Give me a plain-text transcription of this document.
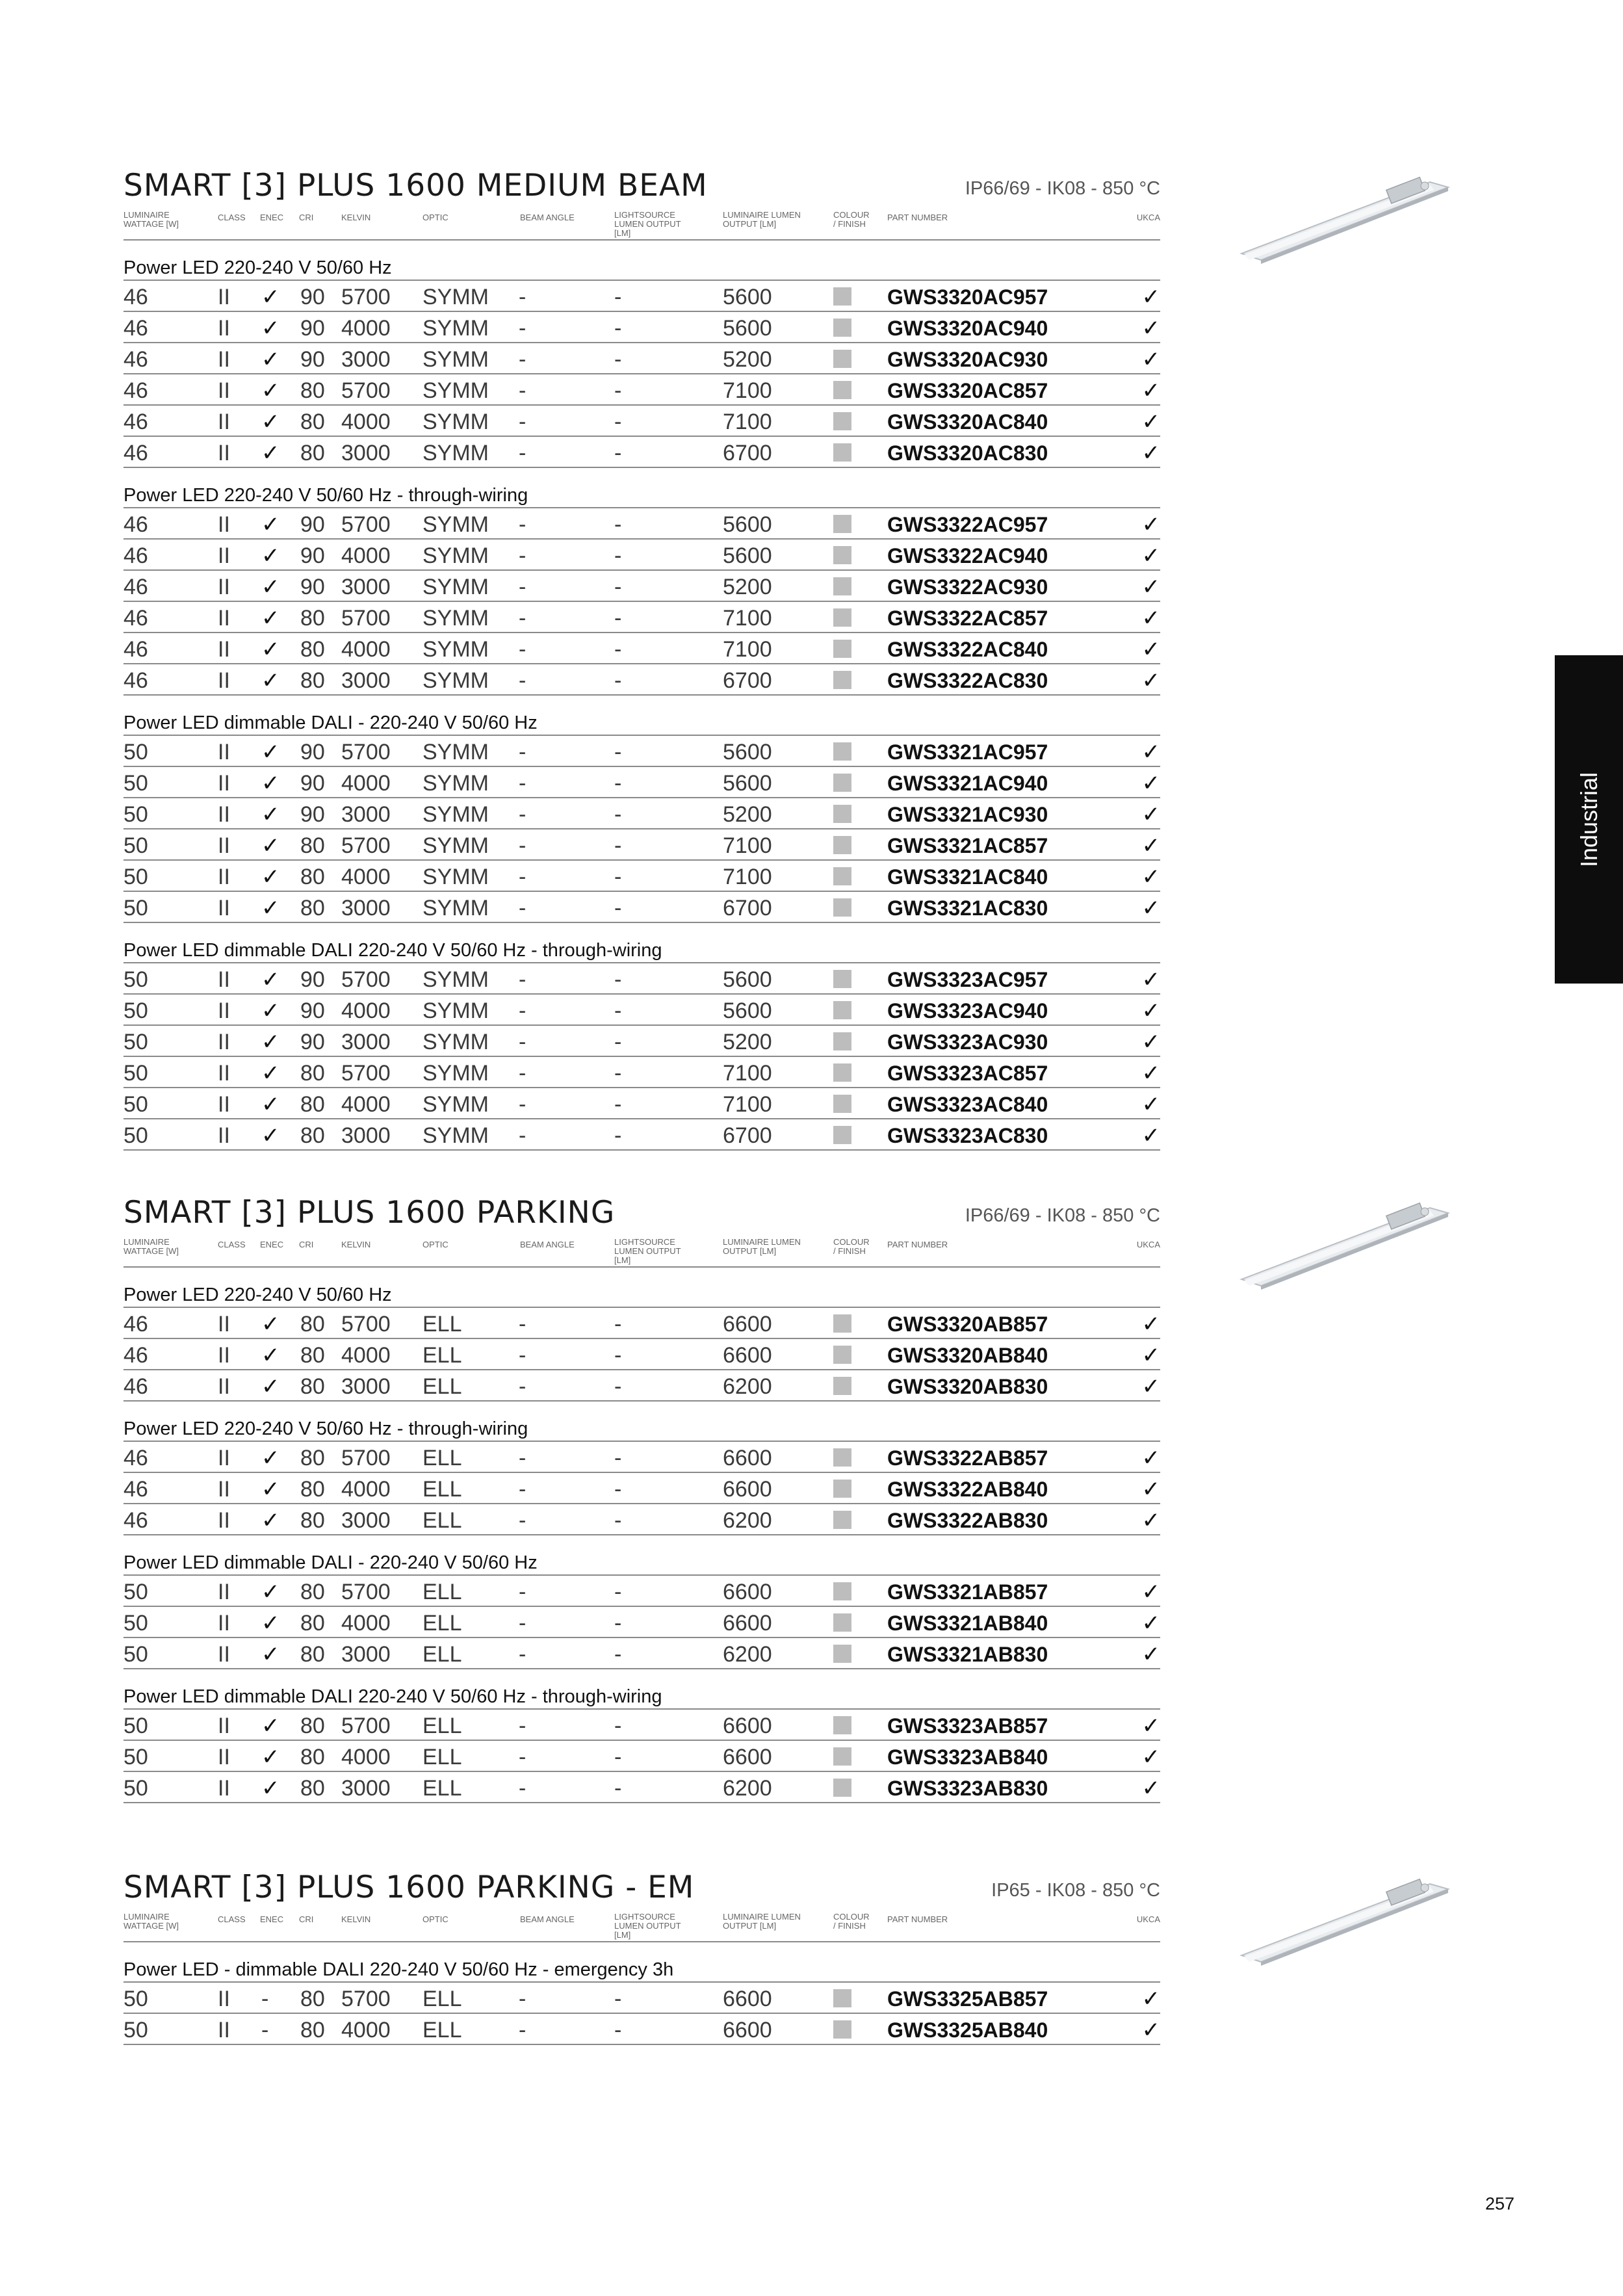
SMART [3] PLUS 1600 MEDIUM BEAM	IP66/69 - IK08 - 850 °C
LUMINAIRE WATTAGE [W]
CLASS ENEC CRI	KELVIN	OPTIC	BEAM ANGLE	LIGHTSOURCE LUMEN OUTPUT [LM]
LUMINAIRE LUMEN OUTPUT [LM]
COLOUR / FINISH
PART NUMBER	UKCA
Power LED 220-240 V 50/60 Hz
46	II ✓ 90 5700 SYMM -	-	5600	GWS3320AC957	✓
46	II ✓ 90 4000 SYMM -	-	5600	GWS3320AC940	✓
46	II ✓ 90 3000 SYMM -	-	5200	GWS3320AC930	✓
46	II ✓ 80 5700 SYMM -	-	7100	GWS3320AC857	✓
46	II ✓ 80 4000 SYMM -	-	7100	GWS3320AC840	✓
46	II ✓ 80 3000 SYMM -	-	6700	GWS3320AC830	✓
Power LED 220-240 V 50/60 Hz - through-wiring
46	II ✓ 90 5700 SYMM -	-	5600	GWS3322AC957	✓
46	II ✓ 90 4000 SYMM -	-	5600	GWS3322AC940	✓
46	II ✓ 90 3000 SYMM -	-	5200	GWS3322AC930	✓
46	II ✓ 80 5700 SYMM -	-	7100	GWS3322AC857	✓
46	II ✓ 80 4000 SYMM -	-	7100	GWS3322AC840	✓
46	II ✓ 80 3000 SYMM -	-	6700	GWS3322AC830	✓
Power LED dimmable DALI - 220-240 V 50/60 Hz
50	II ✓ 90 5700 SYMM -	-	5600	GWS3321AC957	✓
50	II ✓ 90 4000 SYMM -	-	5600	GWS3321AC940	✓
50	II ✓ 90 3000 SYMM -	-	5200	GWS3321AC930	✓
50	II ✓ 80 5700 SYMM -	-	7100	GWS3321AC857	✓
50	II ✓ 80 4000 SYMM -	-	7100	GWS3321AC840	✓
50	II ✓ 80 3000 SYMM -	-	6700	GWS3321AC830	✓
Power LED dimmable DALI 220-240 V 50/60 Hz - through-wiring
50	II ✓ 90 5700 SYMM -	-	5600	GWS3323AC957	✓
50	II ✓ 90 4000 SYMM -	-	5600	GWS3323AC940	✓
50	II ✓ 90 3000 SYMM -	-	5200	GWS3323AC930	✓
50	II ✓ 80 5700 SYMM -	-	7100	GWS3323AC857	✓
50	II ✓ 80 4000 SYMM -	-	7100	GWS3323AC840	✓
50	II ✓ 80 3000 SYMM -	-	6700	GWS3323AC830	✓
SMART [3] PLUS 1600 PARKING	IP66/69 - IK08 - 850 °C
LUMINAIRE WATTAGE [W]
CLASS ENEC CRI	KELVIN	OPTIC	BEAM ANGLE	LIGHTSOURCE LUMEN OUTPUT [LM]
LUMINAIRE LUMEN OUTPUT [LM]
COLOUR / FINISH
PART NUMBER	UKCA
Power LED 220-240 V 50/60 Hz
46	II ✓ 80 5700 ELL	-	-	6600	GWS3320AB857	✓
46	II ✓ 80 4000 ELL	-	-	6600	GWS3320AB840	✓
46	II ✓ 80 3000 ELL	-	-	6200	GWS3320AB830	✓
Power LED 220-240 V 50/60 Hz - through-wiring
46	II ✓ 80 5700 ELL	-	-	6600	GWS3322AB857	✓
46	II ✓ 80 4000 ELL	-	-	6600	GWS3322AB840	✓
46	II ✓ 80 3000 ELL	-	-	6200	GWS3322AB830	✓
Power LED dimmable DALI - 220-240 V 50/60 Hz
50	II ✓ 80 5700 ELL	-	-	6600	GWS3321AB857	✓
50	II ✓ 80 4000 ELL	-	-	6600	GWS3321AB840	✓
50	II ✓ 80 3000 ELL	-	-	6200	GWS3321AB830	✓
Power LED dimmable DALI 220-240 V 50/60 Hz - through-wiring
50	II ✓ 80 5700 ELL	-	-	6600	GWS3323AB857	✓
50	II ✓ 80 4000 ELL	-	-	6600	GWS3323AB840	✓
50	II ✓ 80 3000 ELL	-	-	6200	GWS3323AB830	✓
SMART [3] PLUS 1600 PARKING - EM	IP65 - IK08 - 850 °C
LUMINAIRE WATTAGE [W]
CLASS ENEC CRI	KELVIN	OPTIC	BEAM ANGLE	LIGHTSOURCE LUMEN OUTPUT [LM]
LUMINAIRE LUMEN OUTPUT [LM]
COLOUR / FINISH
PART NUMBER	UKCA
Power LED - dimmable DALI 220-240 V 50/60 Hz - emergency 3h
50	II - 80 5700 ELL	-	-	6600	GWS3325AB857	✓
50	II - 80 4000 ELL	-	-	6600	GWS3325AB840	✓
Industrial
257
